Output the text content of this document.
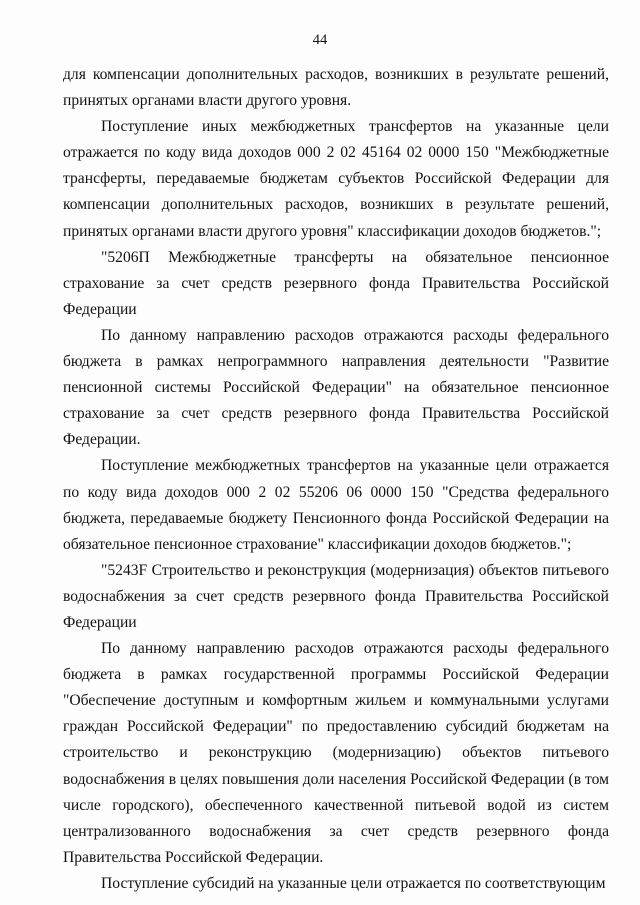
44

для компенсации дополнительных расходов, возникших в результате решений, принятых органами власти другого уровня.

Поступление иных межбюджетных трансфертов на указанные цели отражается по коду вида доходов 000 2 02 45164 02 0000 150 "Межбюджетные трансферты, передаваемые бюджетам субъектов Российской Федерации для компенсации дополнительных расходов, возникших в результате решений, принятых органами власти другого уровня" классификации доходов бюджетов.";

"5206П Межбюджетные трансферты на обязательное пенсионное страхование за счет средств резервного фонда Правительства Российской Федерации

По данному направлению расходов отражаются расходы федерального бюджета в рамках непрограммного направления деятельности "Развитие пенсионной системы Российской Федерации" на обязательное пенсионное страхование за счет средств резервного фонда Правительства Российской Федерации.

Поступление межбюджетных трансфертов на указанные цели отражается по коду вида доходов 000 2 02 55206 06 0000 150 "Средства федерального бюджета, передаваемые бюджету Пенсионного фонда Российской Федерации на обязательное пенсионное страхование" классификации доходов бюджетов.";

"5243F Строительство и реконструкция (модернизация) объектов питьевого водоснабжения за счет средств резервного фонда Правительства Российской Федерации

По данному направлению расходов отражаются расходы федерального бюджета в рамках государственной программы Российской Федерации "Обеспечение доступным и комфортным жильем и коммунальными услугами граждан Российской Федерации" по предоставлению субсидий бюджетам на строительство и реконструкцию (модернизацию) объектов питьевого водоснабжения в целях повышения доли населения Российской Федерации (в том числе городского), обеспеченного качественной питьевой водой из систем централизованного водоснабжения за счет средств резервного фонда Правительства Российской Федерации.

Поступление субсидий на указанные цели отражается по соответствующим
